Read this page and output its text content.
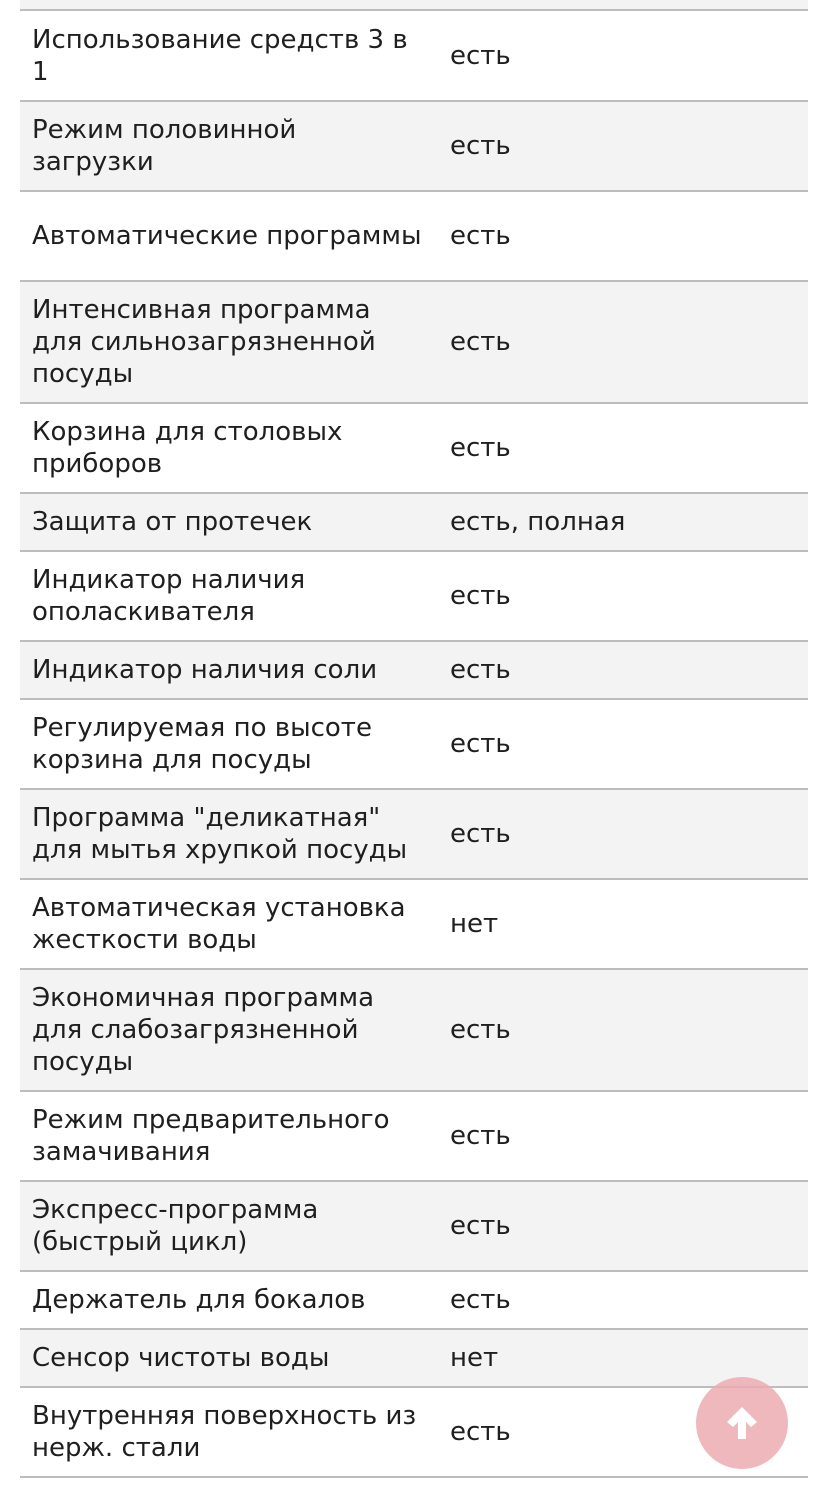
Использование средств 3 в 1	есть
Режим половинной загрузки	есть
Автоматические программы	есть
Интенсивная программа для сильнозагрязненной посуды	есть
Корзина для столовых приборов	есть
Защита от протечек	есть, полная
Индикатор наличия ополаскивателя	есть
Индикатор наличия соли	есть
Регулируемая по высоте корзина для посуды	есть
Программа "деликатная" для мытья хрупкой посуды	есть
Автоматическая установка жесткости воды	нет
Экономичная программа для слабозагрязненной посуды	есть
Режим предварительного замачивания	есть
Экспресс-программа (быстрый цикл)	есть
Держатель для бокалов	есть
Сенсор чистоты воды	нет
Внутренняя поверхность из нерж. стали	есть
